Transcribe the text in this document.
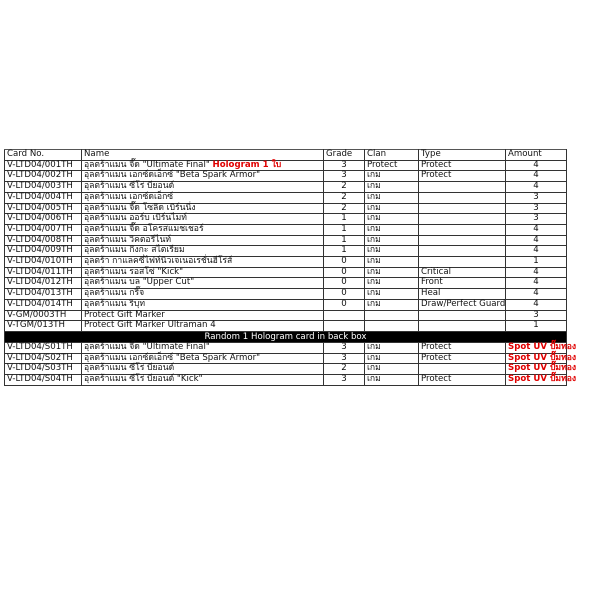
Card No.	Name	Grade	Clan	Type	Amount
V-LTD04/001TH	อุลตร้าแมน จี๊ด "Ultimate Final" Hologram 1 ใบ	3	Protect	Protect	4
V-LTD04/002TH	อุลตร้าแมน เอกซ์ดเอ็กซ์ "Beta Spark Armor"	3	เกม	Protect	4
V-LTD04/003TH	อุลตร้าแมน ซีโร่ บียอนด์	2	เกม		4
V-LTD04/004TH	อุลตร้าแมน เอกซ์ดเอ็กซ์	2	เกม		3
V-LTD04/005TH	อุลตร้าแมน จี๊ด โซลิด เบิร์นนิ่ง	2	เกม		3
V-LTD04/006TH	อุลตร้าแมน ออร์บ เบิร์นไมท์	1	เกม		3
V-LTD04/007TH	อุลตร้าแมน จี๊ด อโครสแมชเชอร์	1	เกม		4
V-LTD04/008TH	อุลตร้าแมน วิคตอรีไนท์	1	เกม		4
V-LTD04/009TH	อุลตร้าแมน กิงกะ สไตเรียม	1	เกม		4
V-LTD04/010TH	อุลตร้า กาแลคซี่ไฟท์นิวเจเนอเรชั่นฮีโร่ส์	0	เกม		1
V-LTD04/011TH	อุลตร้าแมน รอสโซ่ "Kick"	0	เกม	Critical	4
V-LTD04/012TH	อุลตร้าแมน บล "Upper Cut"	0	เกม	Front	4
V-LTD04/013TH	อุลตร้าแมน กริ๊จ	0	เกม	Heal	4
V-LTD04/014TH	อุลตร้าแมน ริบุท	0	เกม	Draw/Perfect Guard	4
V-GM/0003TH	Protect Gift Marker				3
V-TGM/013TH	Protect Gift Marker Ultraman 4				1
Random 1 Hologram card in back box					
V-LTD04/S01TH	อุลตร้าแมน จี๊ด "Ultimate Final"	3	เกม	Protect	Spot UV ปั๊มทอง
V-LTD04/S02TH	อุลตร้าแมน เอกซ์ดเอ็กซ์ "Beta Spark Armor"	3	เกม	Protect	Spot UV ปั๊มทอง
V-LTD04/S03TH	อุลตร้าแมน ซีโร่ บียอนด์	2	เกม		Spot UV ปั๊มทอง
V-LTD04/S04TH	อุลตร้าแมน ซีโร่ บียอนด์ "Kick"	3	เกม	Protect	Spot UV ปั๊มทอง
